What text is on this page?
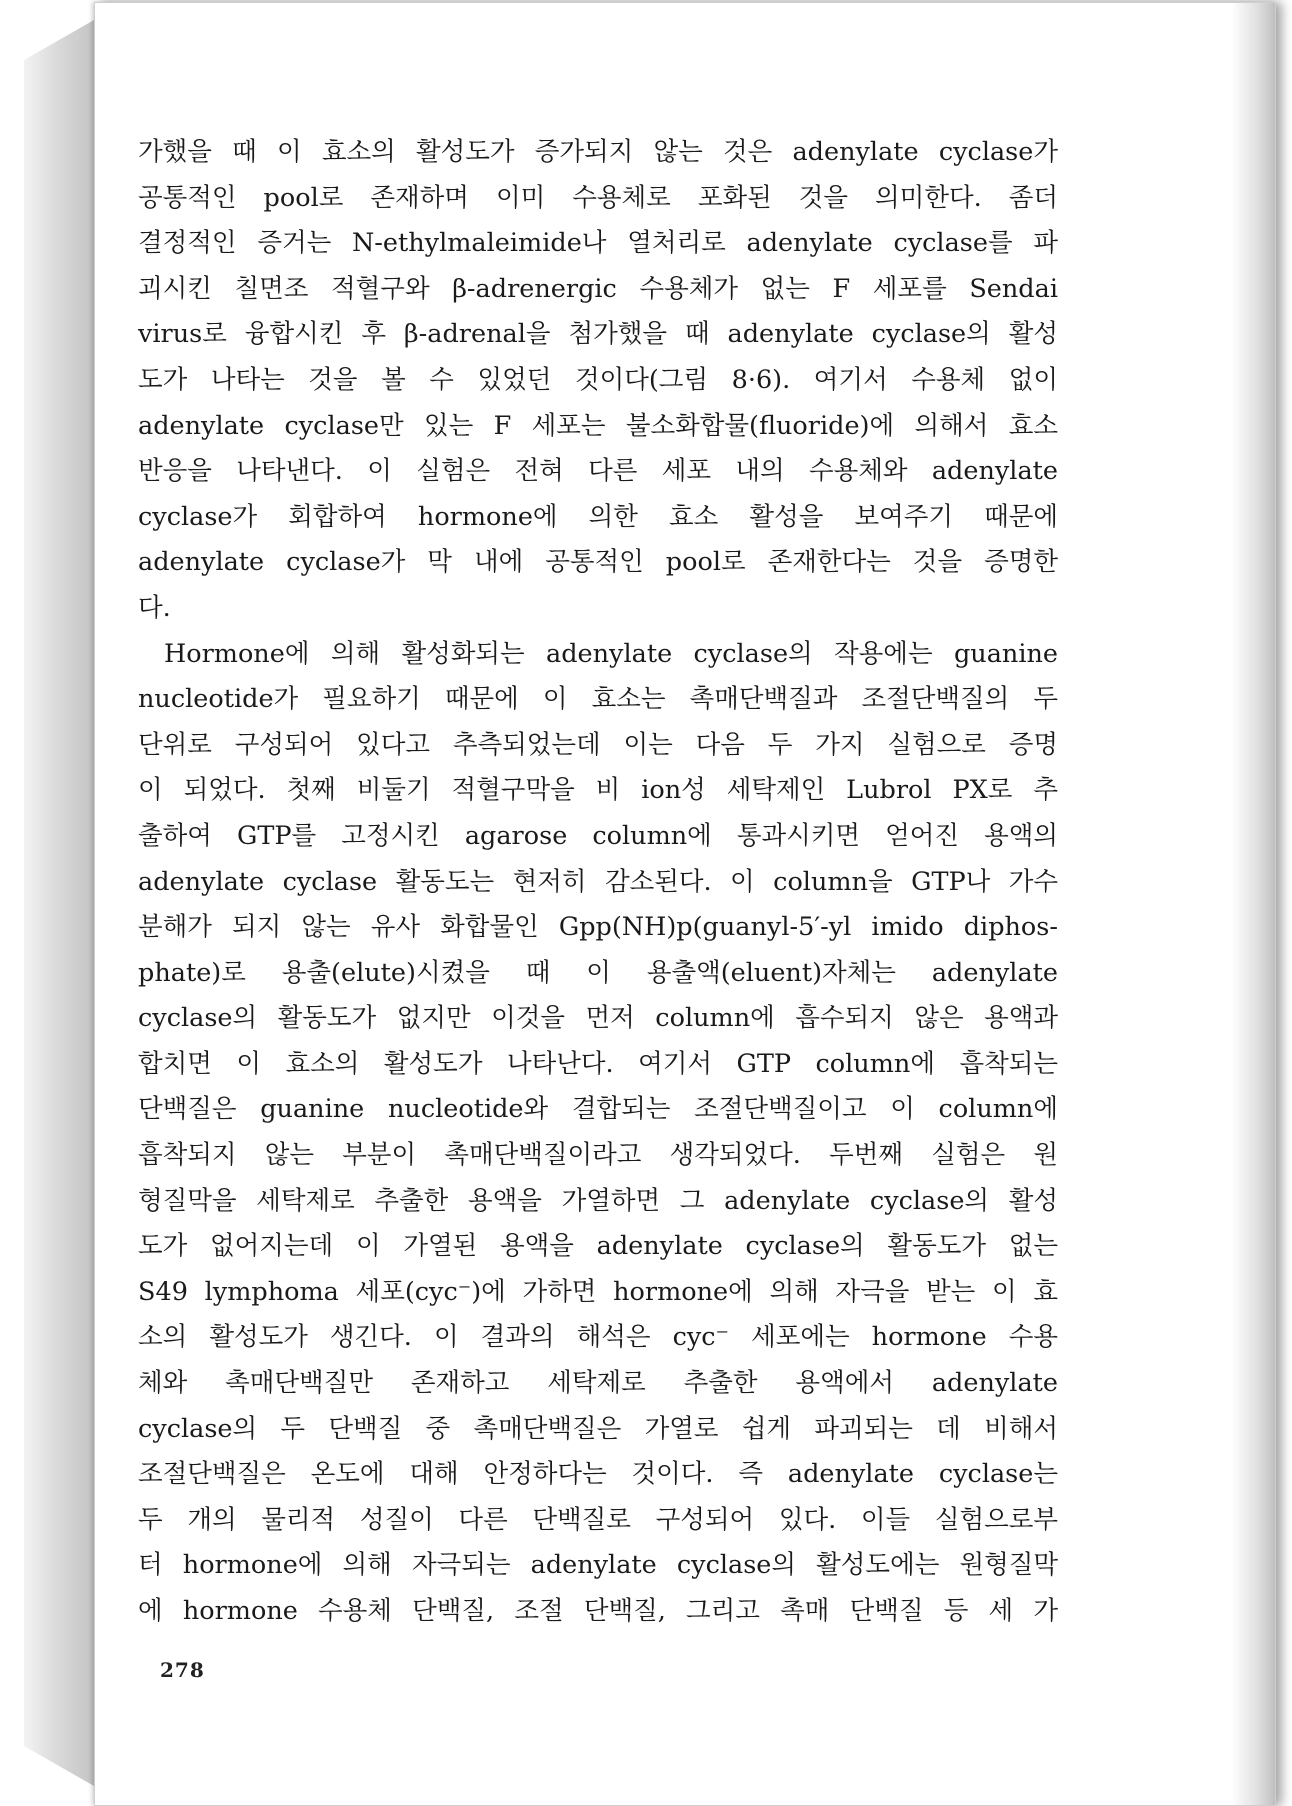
가했을 때 이 효소의 활성도가 증가되지 않는 것은 adenylate cyclase가
공통적인 pool로 존재하며 이미 수용체로 포화된 것을 의미한다. 좀더
결정적인 증거는 N-ethylmaleimide나 열처리로 adenylate cyclase를 파
괴시킨 칠면조 적혈구와 β-adrenergic 수용체가 없는 F 세포를 Sendai
virus로 융합시킨 후 β-adrenal을 첨가했을 때 adenylate cyclase의 활성
도가 나타는 것을 볼 수 있었던 것이다(그림 8·6). 여기서 수용체 없이
adenylate cyclase만 있는 F 세포는 불소화합물(fluoride)에 의해서 효소
반응을 나타낸다. 이 실험은 전혀 다른 세포 내의 수용체와 adenylate
cyclase가 회합하여 hormone에 의한 효소 활성을 보여주기 때문에
adenylate cyclase가 막 내에 공통적인 pool로 존재한다는 것을 증명한
다.
Hormone에 의해 활성화되는 adenylate cyclase의 작용에는 guanine
nucleotide가 필요하기 때문에 이 효소는 촉매단백질과 조절단백질의 두
단위로 구성되어 있다고 추측되었는데 이는 다음 두 가지 실험으로 증명
이 되었다. 첫째 비둘기 적혈구막을 비 ion성 세탁제인 Lubrol PX로 추
출하여 GTP를 고정시킨 agarose column에 통과시키면 얻어진 용액의
adenylate cyclase 활동도는 현저히 감소된다. 이 column을 GTP나 가수
분해가 되지 않는 유사 화합물인 Gpp(NH)p(guanyl-5′-yl imido diphos-
phate)로 용출(elute)시켰을 때 이 용출액(eluent)자체는 adenylate
cyclase의 활동도가 없지만 이것을 먼저 column에 흡수되지 않은 용액과
합치면 이 효소의 활성도가 나타난다. 여기서 GTP column에 흡착되는
단백질은 guanine nucleotide와 결합되는 조절단백질이고 이 column에
흡착되지 않는 부분이 촉매단백질이라고 생각되었다. 두번째 실험은 원
형질막을 세탁제로 추출한 용액을 가열하면 그 adenylate cyclase의 활성
도가 없어지는데 이 가열된 용액을 adenylate cyclase의 활동도가 없는
S49 lymphoma 세포(cyc⁻)에 가하면 hormone에 의해 자극을 받는 이 효
소의 활성도가 생긴다. 이 결과의 해석은 cyc⁻ 세포에는 hormone 수용
체와 촉매단백질만 존재하고 세탁제로 추출한 용액에서 adenylate
cyclase의 두 단백질 중 촉매단백질은 가열로 쉽게 파괴되는 데 비해서
조절단백질은 온도에 대해 안정하다는 것이다. 즉 adenylate cyclase는
두 개의 물리적 성질이 다른 단백질로 구성되어 있다. 이들 실험으로부
터 hormone에 의해 자극되는 adenylate cyclase의 활성도에는 원형질막
에 hormone 수용체 단백질, 조절 단백질, 그리고 촉매 단백질 등 세 가
278
